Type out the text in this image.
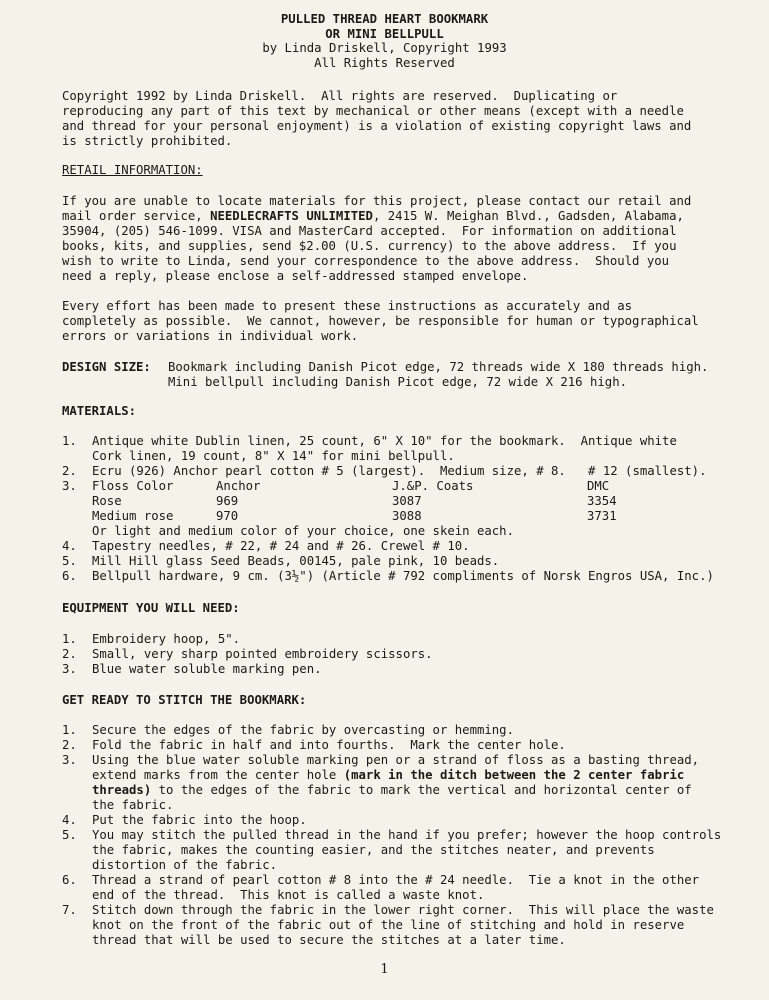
PULLED THREAD HEART BOOKMARK
OR MINI BELLPULL
by Linda Driskell, Copyright 1993
All Rights Reserved
Copyright 1992 by Linda Driskell.  All rights are reserved.  Duplicating or
reproducing any part of this text by mechanical or other means (except with a needle
and thread for your personal enjoyment) is a violation of existing copyright laws and
is strictly prohibited.
RETAIL INFORMATION:
If you are unable to locate materials for this project, please contact our retail and
mail order service, NEEDLECRAFTS UNLIMITED, 2415 W. Meighan Blvd., Gadsden, Alabama,
35904, (205) 546-1099. VISA and MasterCard accepted.  For information on additional
books, kits, and supplies, send $2.00 (U.S. currency) to the above address.  If you
wish to write to Linda, send your correspondence to the above address.  Should you
need a reply, please enclose a self-addressed stamped envelope.
Every effort has been made to present these instructions as accurately and as
completely as possible.  We cannot, however, be responsible for human or typographical
errors or variations in individual work.
DESIGN SIZE:	Bookmark including Danish Picot edge, 72 threads wide X 180 threads high.
Mini bellpull including Danish Picot edge, 72 wide X 216 high.
MATERIALS:
1.	Antique white Dublin linen, 25 count, 6" X 10" for the bookmark.  Antique white
Cork linen, 19 count, 8" X 14" for mini bellpull.
2.	Ecru (926) Anchor pearl cotton # 5 (largest).  Medium size, # 8.   # 12 (smallest).
3.	Floss Color	Anchor	J.&P. Coats	DMC
Rose	969	3087	3354
Medium rose	970	3088	3731
Or light and medium color of your choice, one skein each.
4.	Tapestry needles, # 22, # 24 and # 26. Crewel # 10.
5.	Mill Hill glass Seed Beads, 00145, pale pink, 10 beads.
6.	Bellpull hardware, 9 cm. (3½") (Article # 792 compliments of Norsk Engros USA, Inc.)
EQUIPMENT YOU WILL NEED:
1.	Embroidery hoop, 5".
2.	Small, very sharp pointed embroidery scissors.
3.	Blue water soluble marking pen.
GET READY TO STITCH THE BOOKMARK:
1.	Secure the edges of the fabric by overcasting or hemming.
2.	Fold the fabric in half and into fourths.  Mark the center hole.
3.	Using the blue water soluble marking pen or a strand of floss as a basting thread,
extend marks from the center hole (mark in the ditch between the 2 center fabric
threads) to the edges of the fabric to mark the vertical and horizontal center of
the fabric.
4.	Put the fabric into the hoop.
5.	You may stitch the pulled thread in the hand if you prefer; however the hoop controls
the fabric, makes the counting easier, and the stitches neater, and prevents
distortion of the fabric.
6.	Thread a strand of pearl cotton # 8 into the # 24 needle.  Tie a knot in the other
end of the thread.  This knot is called a waste knot.
7.	Stitch down through the fabric in the lower right corner.  This will place the waste
knot on the front of the fabric out of the line of stitching and hold in reserve
thread that will be used to secure the stitches at a later time.
1
